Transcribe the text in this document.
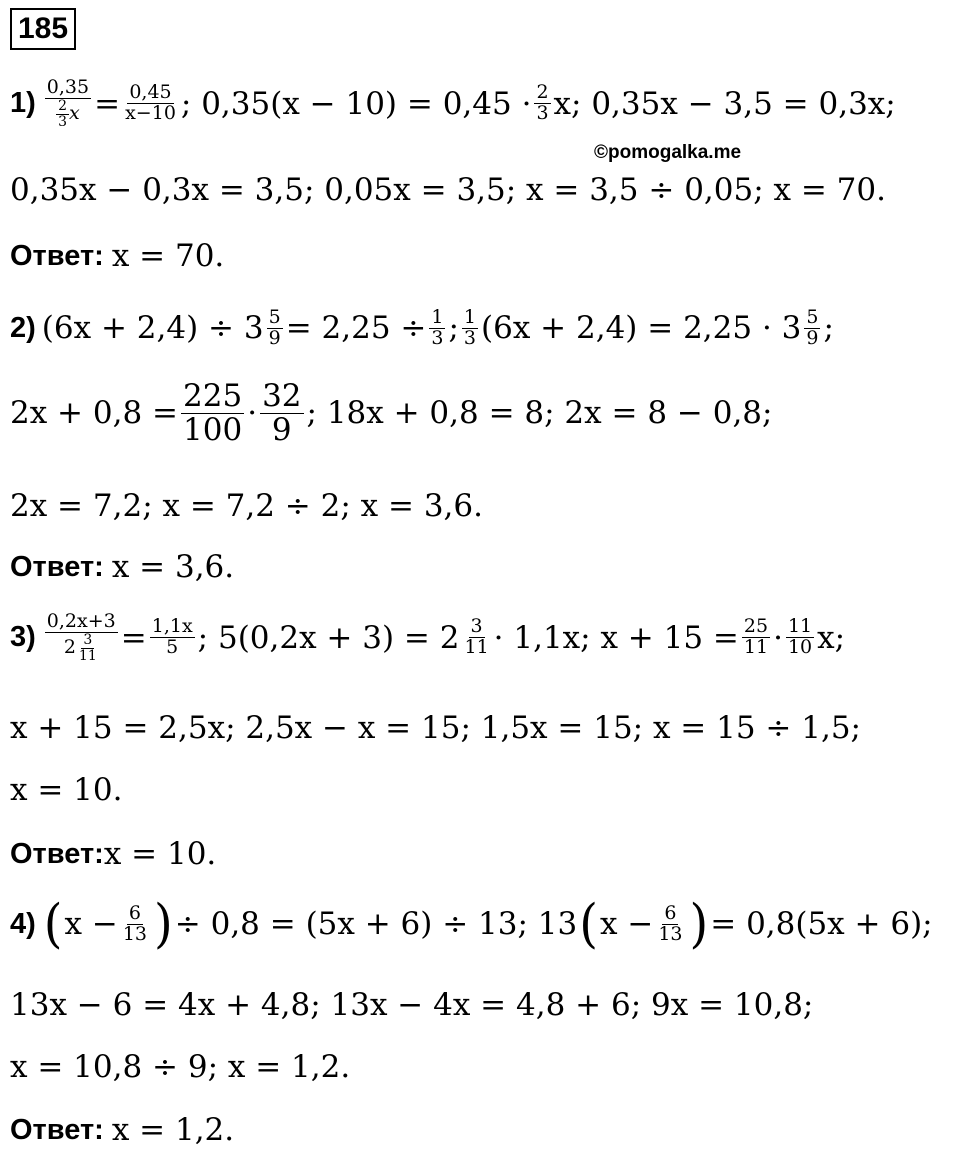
185
©pomogalka.me
$1) \frac{0,35}{\frac{2}{3} x} = \frac{0,45}{x-10}$ ; $0,35(x - 10) = 0,45 \cdot \frac{2}{3} x$; 0,35x − 3,5 = 0,3x;
0,35x − 0,3x = 3,5; 0,05x = 3,5; x = 3,5 ÷ 0,05; x = 70.
Ответ: x = 70.
2) $(6x + 2,4) \div 3 \frac{5}{9} = 2,25 \div \frac{1}{3}$ ; $\frac{1}{3} (6x + 2,4) = 2,25 \cdot 3 \frac{5}{9}$ ;
$2x + 0,8 = \frac{225}{100} \cdot \frac{32}{9}$ ; 18x + 0,8 = 8; 2x = 8 − 0,8;
2x = 7,2; x = 7,2 ÷ 2; x = 3,6.
Ответ: x = 3,6.
$3) \frac{0,2x+3}{2 \frac{3}{11}} = \frac{1,1x}{5}$ ; $5(0,2x + 3) = 2 \frac{3}{11} \cdot 1,1x$; $x + 15 = \frac{25}{11} \cdot \frac{11}{10} x$;
x + 15 = 2,5x; 2,5x − x = 15; 1,5x = 15; x = 15 ÷ 1,5;
x = 10.
Ответ: x = 10.
4) ( $x - \frac{6}{13}$ ) ÷ 0,8 = (5x + 6) ÷ 13; 13 ( $x - \frac{6}{13}$ ) = 0,8(5x + 6);
13x − 6 = 4x + 4,8; 13x − 4x = 4,8 + 6; 9x = 10,8;
x = 10,8 ÷ 9; x = 1,2.
Ответ: x = 1,2.
